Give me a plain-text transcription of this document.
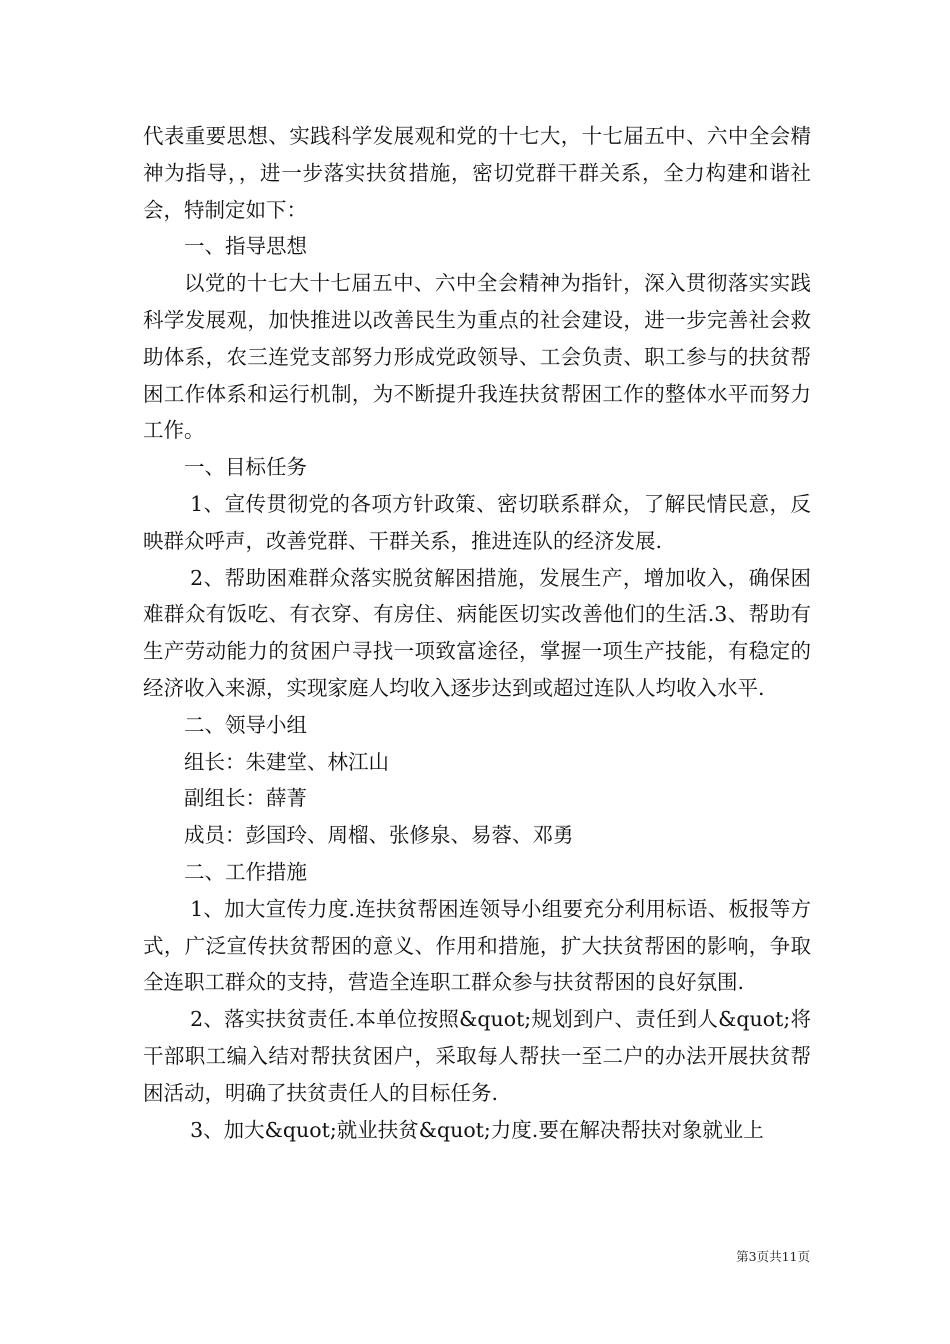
代表重要思想、实践科学发展观和党的十七大，十七届五中、六中全会精神为指导，，进一步落实扶贫措施，密切党群干群关系，全力构建和谐社会，特制定如下：

一、指导思想

以党的十七大十七届五中、六中全会精神为指针，深入贯彻落实实践科学发展观，加快推进以改善民生为重点的社会建设，进一步完善社会救助体系，农三连党支部努力形成党政领导、工会负责、职工参与的扶贫帮困工作体系和运行机制，为不断提升我连扶贫帮困工作的整体水平而努力工作。

一、目标任务

1、宣传贯彻党的各项方针政策、密切联系群众，了解民情民意，反映群众呼声，改善党群、干群关系，推进连队的经济发展.

2、帮助困难群众落实脱贫解困措施，发展生产，增加收入，确保困难群众有饭吃、有衣穿、有房住、病能医切实改善他们的生活.3、帮助有生产劳动能力的贫困户寻找一项致富途径，掌握一项生产技能，有稳定的经济收入来源，实现家庭人均收入逐步达到或超过连队人均收入水平.

二、领导小组

组长：朱建堂、林江山

副组长：薛菁

成员：彭国玲、周榴、张修泉、易蓉、邓勇

二、工作措施

1、加大宣传力度.连扶贫帮困连领导小组要充分利用标语、板报等方式，广泛宣传扶贫帮困的意义、作用和措施，扩大扶贫帮困的影响，争取全连职工群众的支持，营造全连职工群众参与扶贫帮困的良好氛围.

2、落实扶贫责任.本单位按照&quot;规划到户、责任到人&quot;将干部职工编入结对帮扶贫困户，采取每人帮扶一至二户的办法开展扶贫帮困活动，明确了扶贫责任人的目标任务.

3、加大&quot;就业扶贫&quot;力度.要在解决帮扶对象就业上

第3页共11页
